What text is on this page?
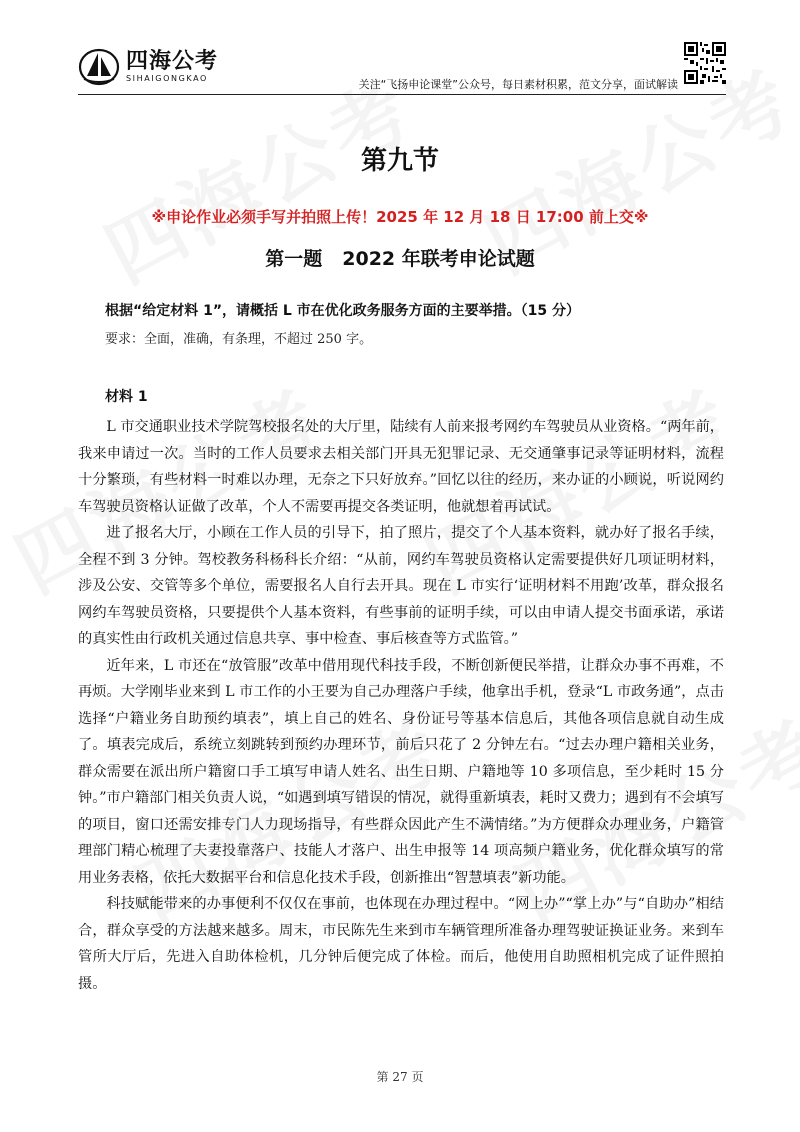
四海公考
SIHAIGONGKAO	关注“飞扬申论课堂”公众号，每日素材积累，范文分享，面试解读
第九节
※申论作业必须手写并拍照上传！2025 年 12 月 18 日 17:00 前上交※
第一题 2022 年联考申论试题
根据“给定材料 1”，请概括 L 市在优化政务服务方面的主要举措。（15 分）
要求：全面，准确，有条理，不超过 250 字。
材料 1

L 市交通职业技术学院驾校报名处的大厅里，陆续有人前来报考网约车驾驶员从业资格。“两年前，我来申请过一次。当时的工作人员要求去相关部门开具无犯罪记录、无交通肇事记录等证明材料，流程十分繁琐，有些材料一时难以办理，无奈之下只好放弃。”回忆以往的经历，来办证的小顾说，听说网约车驾驶员资格认证做了改革，个人不需要再提交各类证明，他就想着再试试。

进了报名大厅，小顾在工作人员的引导下，拍了照片，提交了个人基本资料，就办好了报名手续，全程不到 3 分钟。驾校教务科杨科长介绍：“从前，网约车驾驶员资格认定需要提供好几项证明材料，涉及公安、交管等多个单位，需要报名人自行去开具。现在 L 市实行‘证明材料不用跑’改革，群众报名网约车驾驶员资格，只要提供个人基本资料，有些事前的证明手续，可以由申请人提交书面承诺，承诺的真实性由行政机关通过信息共享、事中检查、事后核查等方式监管。”

近年来，L 市还在“放管服”改革中借用现代科技手段，不断创新便民举措，让群众办事不再难，不再烦。大学刚毕业来到 L 市工作的小王要为自己办理落户手续，他拿出手机，登录“L 市政务通”，点击选择“户籍业务自助预约填表”，填上自己的姓名、身份证号等基本信息后，其他各项信息就自动生成了。填表完成后，系统立刻跳转到预约办理环节，前后只花了 2 分钟左右。“过去办理户籍相关业务，群众需要在派出所户籍窗口手工填写申请人姓名、出生日期、户籍地等 10 多项信息，至少耗时 15 分钟。”市户籍部门相关负责人说，“如遇到填写错误的情况，就得重新填表，耗时又费力；遇到有不会填写的项目，窗口还需安排专门人力现场指导，有些群众因此产生不满情绪。”为方便群众办理业务，户籍管理部门精心梳理了夫妻投靠落户、技能人才落户、出生申报等 14 项高频户籍业务，优化群众填写的常用业务表格，依托大数据平台和信息化技术手段，创新推出“智慧填表”新功能。

科技赋能带来的办事便利不仅仅在事前，也体现在办理过程中。“网上办”“掌上办”与“自助办”相结合，群众享受的方法越来越多。周末，市民陈先生来到市车辆管理所准备办理驾驶证换证业务。来到车管所大厅后，先进入自助体检机，几分钟后便完成了体检。而后，他使用自助照相机完成了证件照拍摄。

第 27 页
